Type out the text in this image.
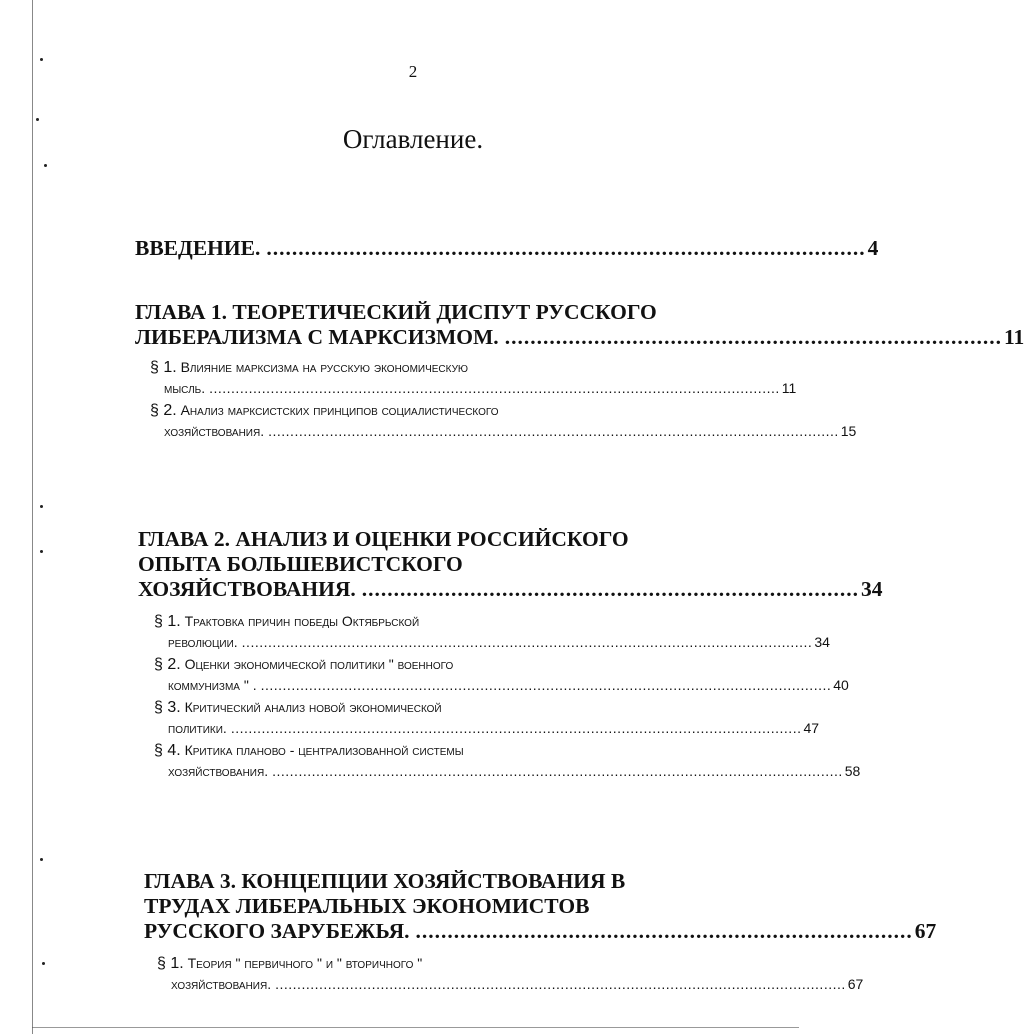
2
Оглавление.
ВВЕДЕНИЕ. .............................................................................................. 4
ГЛАВА 1. ТЕОРЕТИЧЕСКИЙ ДИСПУТ РУССКОГО
ЛИБЕРАЛИЗМА С МАРКСИЗМОМ. .............................................................................. 11
§ 1. Влияние марксизма на русскую экономическую
мысль. .................................................................................................................................. 11
§ 2. Анализ марксистских принципов социалистического
хозяйствования. .................................................................................................................................. 15
ГЛАВА 2. АНАЛИЗ И ОЦЕНКИ РОССИЙСКОГО
ОПЫТА БОЛЬШЕВИСТСКОГО
ХОЗЯЙСТВОВАНИЯ. .............................................................................. 34
§ 1. Трактовка причин победы Октябрьской
революции. .................................................................................................................................. 34
§ 2. Оценки экономической политики " военного
коммунизма " . .................................................................................................................................. 40
§ 3. Критический анализ новой экономической
политики. .................................................................................................................................. 47
§ 4. Критика планово - централизованной системы
хозяйствования. .................................................................................................................................. 58
ГЛАВА 3. КОНЦЕПЦИИ ХОЗЯЙСТВОВАНИЯ В
ТРУДАХ ЛИБЕРАЛЬНЫХ ЭКОНОМИСТОВ
РУССКОГО ЗАРУБЕЖЬЯ. .............................................................................. 67
§ 1. Теория " первичного " и " вторичного "
хозяйствования. .................................................................................................................................. 67
